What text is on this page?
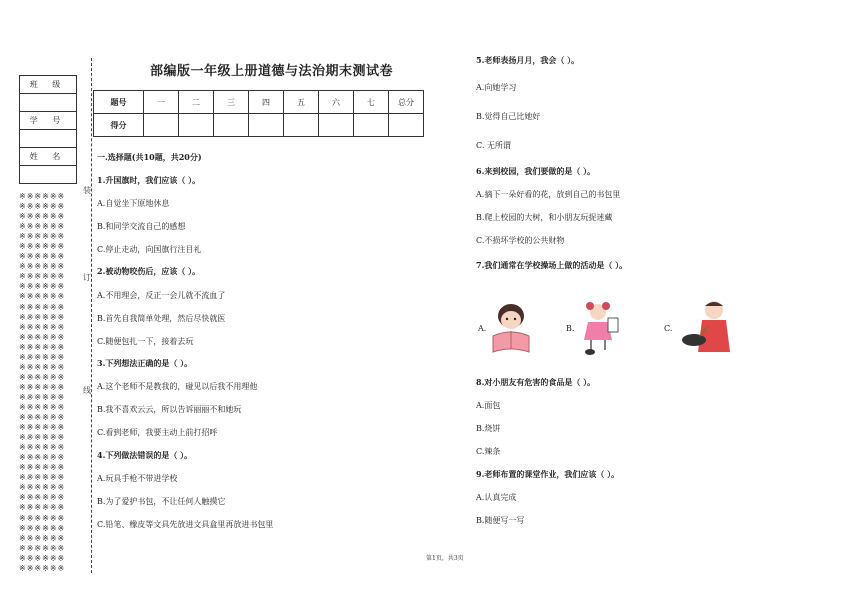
班 级

学 号

姓 名

※※※※※※
※※※※※※
※※※※※※
※※※※※※
※※※※※※
※※※※※※
※※※※※※
※※※※※※
※※※※※※
※※※※※※
※※※※※※
※※※※※※
※※※※※※
※※※※※※
※※※※※※
※※※※※※
※※※※※※
※※※※※※
※※※※※※
※※※※※※
※※※※※※
※※※※※※
※※※※※※
※※※※※※
※※※※※※
※※※※※※
※※※※※※
※※※※※※
※※※※※※
※※※※※※
※※※※※※
※※※※※※
※※※※※※
※※※※※※
※※※※※※
※※※※※※
※※※※※※
※※※※※※
装
订
线
部编版一年级上册道德与法治期末测试卷
题号	一	二	三	四	五	六	七	总分
得分								
一.选择题(共10题，共20分)
1.升国旗时，我们应该（ ）。
A.自觉坐下原地休息
B.和同学交流自己的感想
C.停止走动，向国旗行注目礼
2.被动物咬伤后，应该（ ）。
A.不用理会，反正一会儿就不流血了
B.首先自我简单处理，然后尽快就医
C.随便包扎一下，接着去玩
3.下列想法正确的是（ ）。
A.这个老师不是教我的，碰见以后我不用理他
B.我不喜欢云云，所以告诉丽丽不和她玩
C.看到老师，我要主动上前打招呼
4.下列做法错误的是（ ）。
A.玩具手枪不带进学校
B.为了爱护书包，不让任何人触摸它
C.铅笔、橡皮等文具先放进文具盒里再放进书包里
5.老师表扬月月，我会（ ）。
A.向她学习
B.觉得自己比她好
C. 无所谓
6.来到校园，我们要做的是（ ）。
A.摘下一朵好看的花，放到自己的书包里
B.爬上校园的大树，和小朋友玩捉迷藏
C.不损坏学校的公共财物
7.我们通常在学校操场上做的活动是（ ）。
A.	B.	C.
8.对小朋友有危害的食品是（ ）。
A.面包
B.烧饼
C.辣条
9.老师布置的课堂作业，我们应该（ ）。
A.认真完成
B.随便写一写
第1页，共3页
